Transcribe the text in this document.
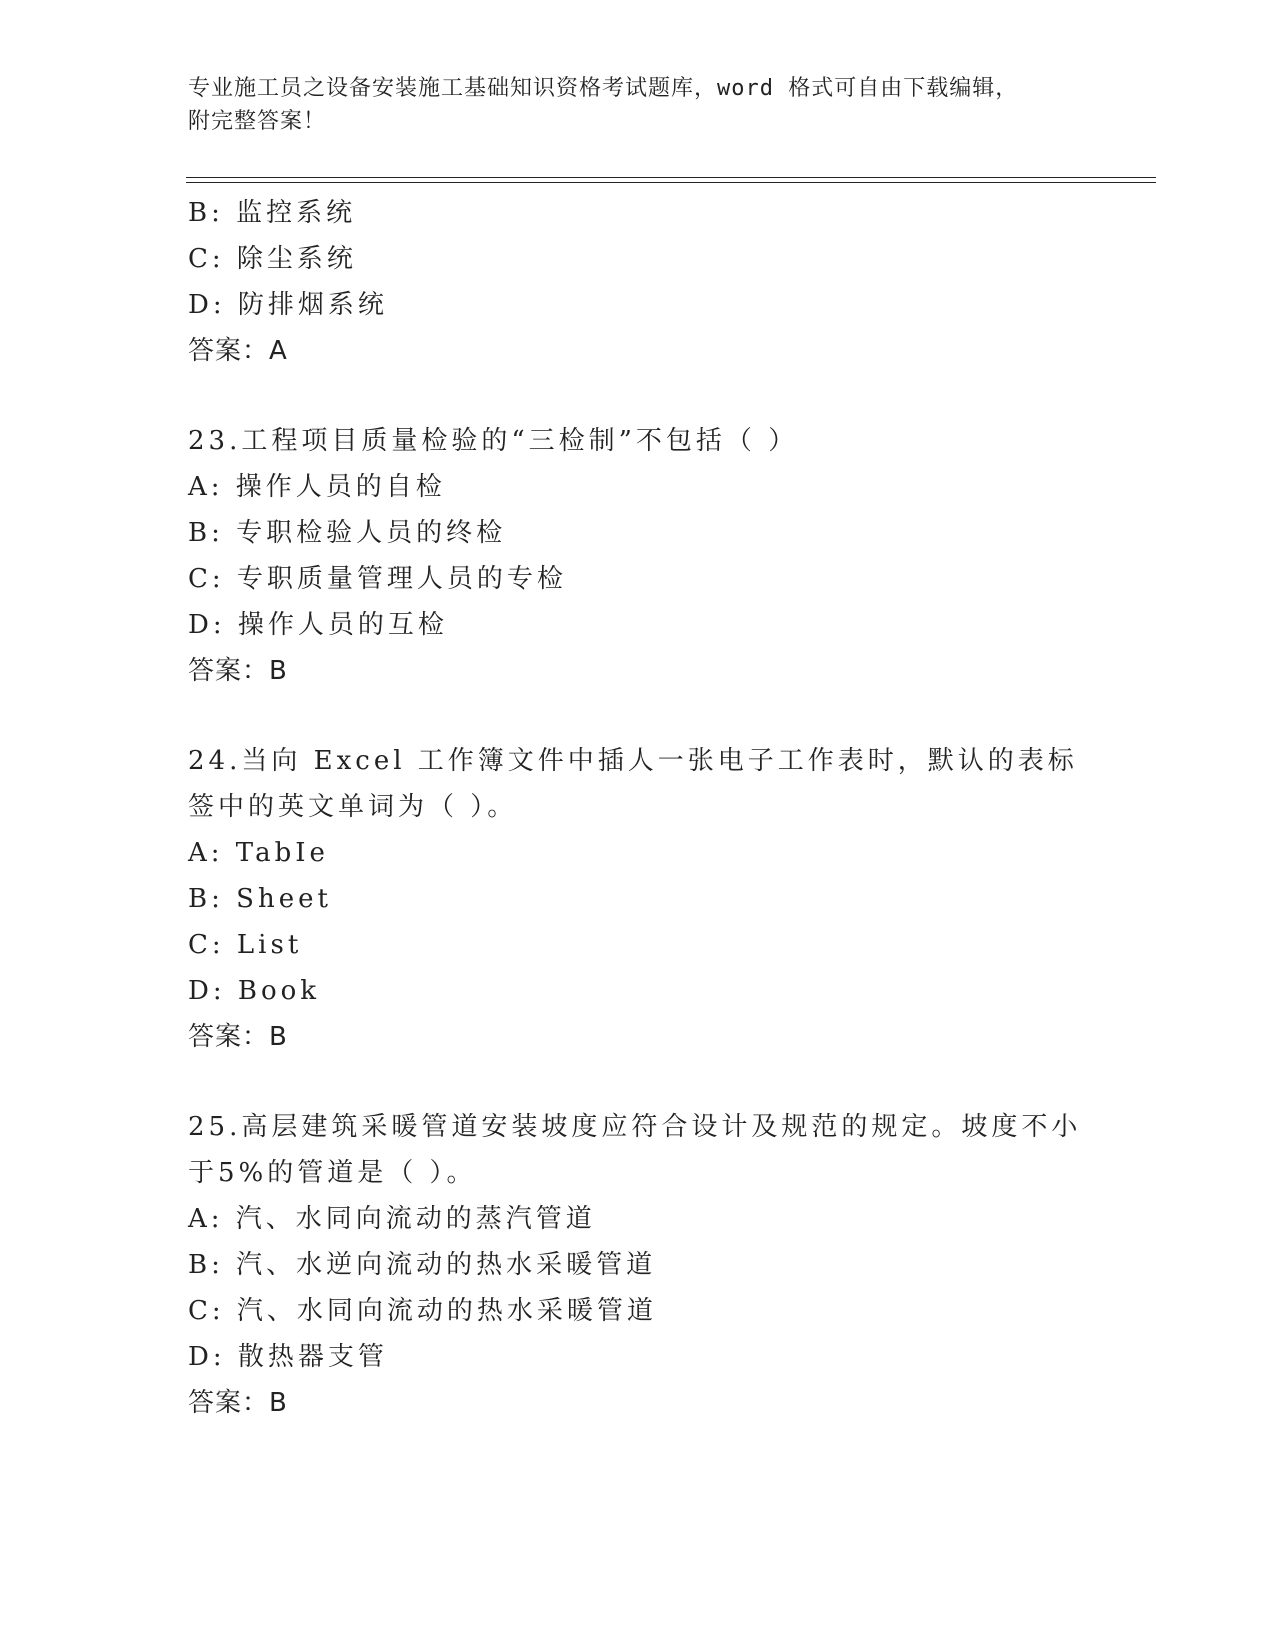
专业施工员之设备安装施工基础知识资格考试题库，word 格式可自由下载编辑，
附完整答案！
B: 监控系统
C: 除尘系统
D: 防排烟系统
答案：A
23.工程项目质量检验的“三检制”不包括（ ）
A: 操作人员的自检
B: 专职检验人员的终检
C: 专职质量管理人员的专检
D: 操作人员的互检
答案：B
24.当向 Excel 工作簿文件中插人一张电子工作表时，默认的表标签中的英文单词为（ ）。
A: TabIe
B: Sheet
C: List
D: Book
答案：B
25.高层建筑采暖管道安装坡度应符合设计及规范的规定。坡度不小于5%的管道是（ ）。
A: 汽、水同向流动的蒸汽管道
B: 汽、水逆向流动的热水采暖管道
C: 汽、水同向流动的热水采暖管道
D: 散热器支管
答案：B
